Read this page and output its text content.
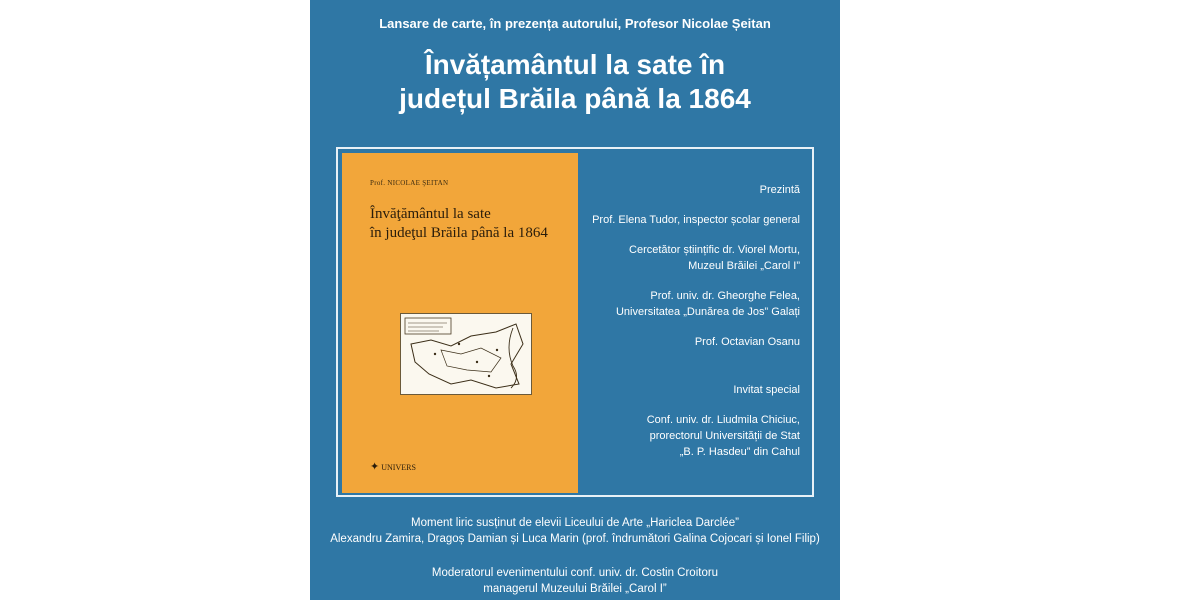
Lansare de carte, în prezența autorului, Profesor Nicolae Șeitan
Învățamântul la sate în
județul Brăila până la 1864
Prof. NICOLAE ŞEITAN
Învăţământul la sate
în judeţul Brăila până la 1864
✦ UNIVERS

Prezintă

Prof. Elena Tudor, inspector școlar general

Cercetător științific dr. Viorel Mortu,

Muzeul Brăilei „Carol I”

Prof. univ. dr. Gheorghe Felea,

Universitatea „Dunărea de Jos” Galați

Prof. Octavian Osanu

Invitat special

Conf. univ. dr. Liudmila Chiciuc,

prorectorul Universității de Stat

„B. P. Hasdeu” din Cahul

Moment liric susținut de elevii Liceului de Arte „Hariclea Darclée”
Alexandru Zamira, Dragoș Damian și Luca Marin (prof. îndrumători Galina Cojocari și Ionel Filip)
Moderatorul evenimentului conf. univ. dr. Costin Croitoru
managerul Muzeului Brăilei „Carol I”
